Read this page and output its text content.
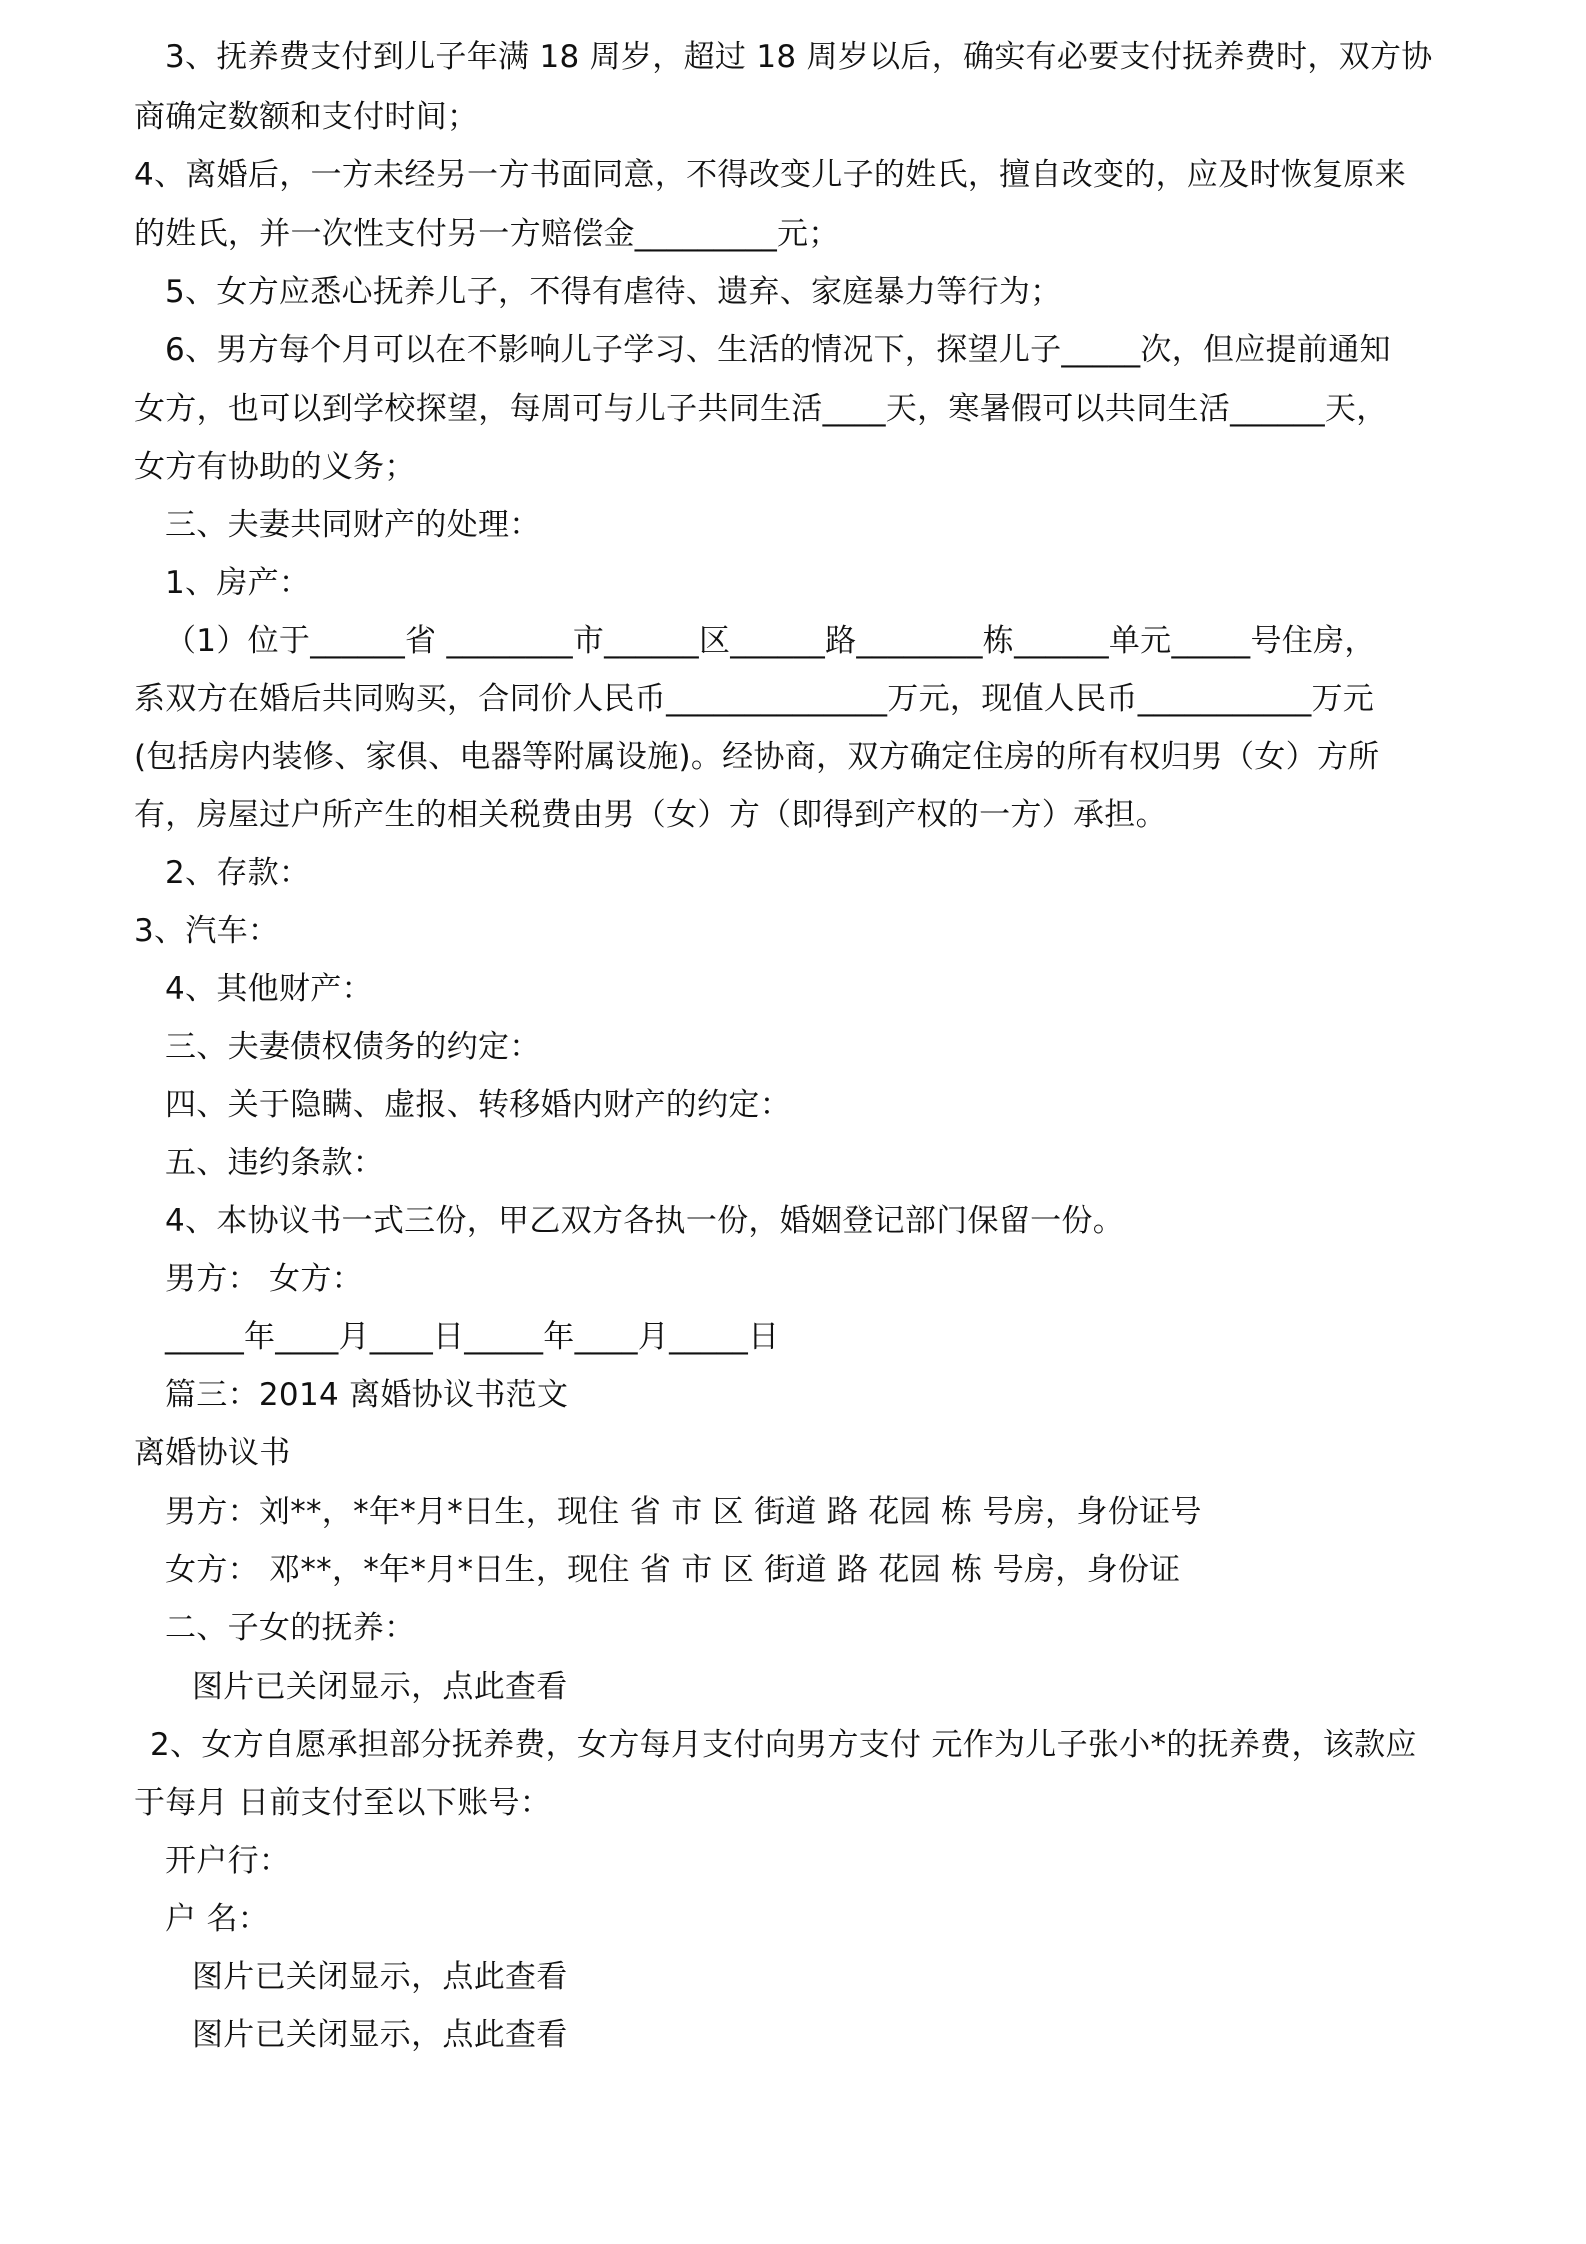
3、抚养费支付到儿子年满 18 周岁，超过 18 周岁以后，确实有必要支付抚养费时，双方协
商确定数额和支付时间；
4、离婚后，一方未经另一方书面同意，不得改变儿子的姓氏，擅自改变的，应及时恢复原来
的姓氏，并一次性支付另一方赔偿金_________元；
5、女方应悉心抚养儿子，不得有虐待、遗弃、家庭暴力等行为；
6、男方每个月可以在不影响儿子学习、生活的情况下，探望儿子_____次，但应提前通知
女方，也可以到学校探望，每周可与儿子共同生活____天，寒暑假可以共同生活______天，
女方有协助的义务；
三、夫妻共同财产的处理：
1、房产：
（1）位于______省 ________市______区______路________栋______单元_____号住房，
系双方在婚后共同购买，合同价人民币______________万元，现值人民币___________万元
(包括房内装修、家俱、电器等附属设施)。经协商，双方确定住房的所有权归男（女）方所
有，房屋过户所产生的相关税费由男（女）方（即得到产权的一方）承担。
2、存款：
3、汽车：
4、其他财产：
三、夫妻债权债务的约定：
四、关于隐瞒、虚报、转移婚内财产的约定：
五、违约条款：
4、本协议书一式三份，甲乙双方各执一份，婚姻登记部门保留一份。
男方： 女方：
_____年____月____日_____年____月_____日
篇三：2014 离婚协议书范文
离婚协议书
男方：刘**，*年*月*日生，现住 省 市 区 街道 路 花园 栋 号房，身份证号
女方： 邓**，*年*月*日生，现住 省 市 区 街道 路 花园 栋 号房，身份证
二、子女的抚养：
图片已关闭显示，点此查看
2、女方自愿承担部分抚养费，女方每月支付向男方支付 元作为儿子张小*的抚养费，该款应
于每月 日前支付至以下账号：
开户行：
户 名：
图片已关闭显示，点此查看
图片已关闭显示，点此查看
